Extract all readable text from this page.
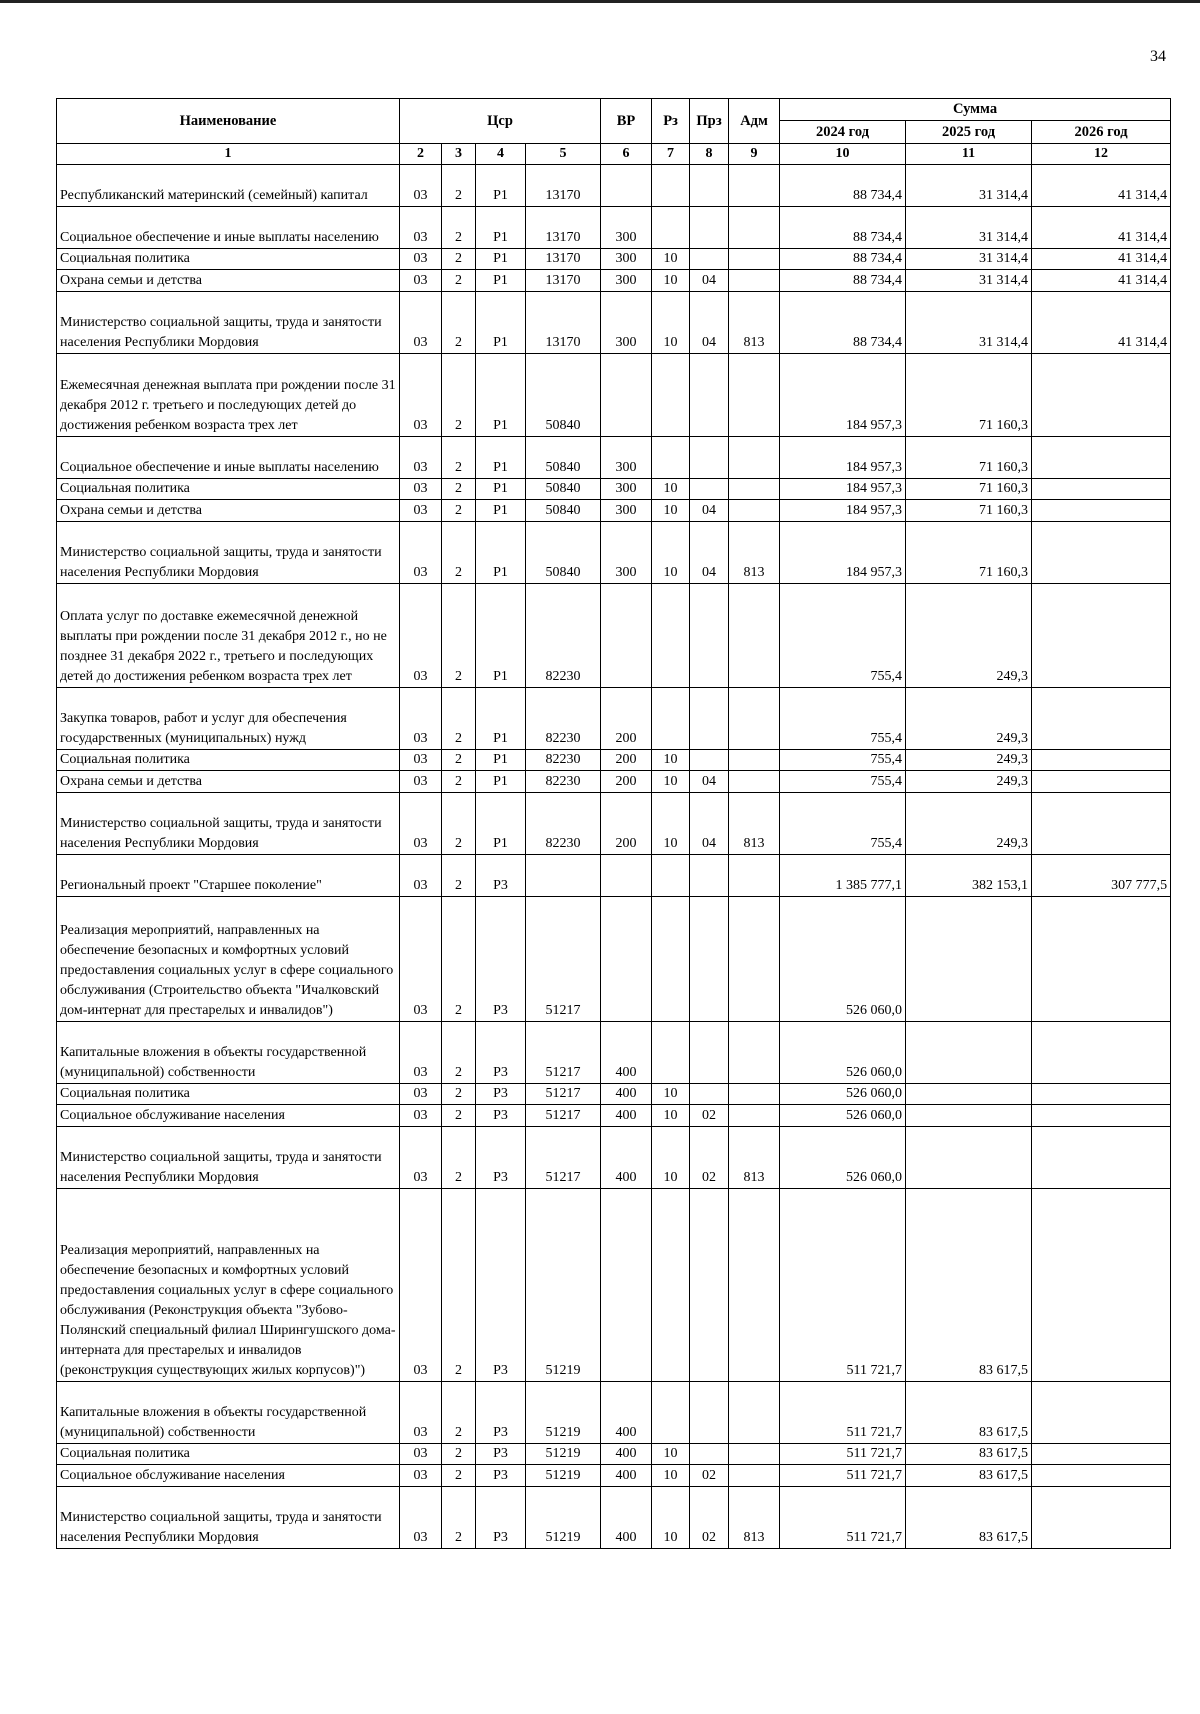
34
Наименование	Цср				ВР	Рз	Прз	Адм	Сумма		
									2024 год	2025 год	2026 год
1	2	3	4	5	6	7	8	9	10	11	12
Республиканский материнский (семейный) капитал	03	2	Р1	13170					88 734,4	31 314,4	41 314,4
Социальное обеспечение и иные выплаты населению	03	2	Р1	13170	300				88 734,4	31 314,4	41 314,4
Социальная политика	03	2	Р1	13170	300	10			88 734,4	31 314,4	41 314,4
Охрана семьи и детства	03	2	Р1	13170	300	10	04		88 734,4	31 314,4	41 314,4
Министерство социальной защиты, труда и занятости населения Республики Мордовия	03	2	Р1	13170	300	10	04	813	88 734,4	31 314,4	41 314,4
Ежемесячная денежная выплата при рождении после 31 декабря 2012 г. третьего и последующих детей до достижения ребенком возраста трех лет	03	2	Р1	50840					184 957,3	71 160,3	
Социальное обеспечение и иные выплаты населению	03	2	Р1	50840	300				184 957,3	71 160,3	
Социальная политика	03	2	Р1	50840	300	10			184 957,3	71 160,3	
Охрана семьи и детства	03	2	Р1	50840	300	10	04		184 957,3	71 160,3	
Министерство социальной защиты, труда и занятости населения Республики Мордовия	03	2	Р1	50840	300	10	04	813	184 957,3	71 160,3	
Оплата услуг по доставке ежемесячной денежной выплаты при рождении после 31 декабря 2012 г., но не позднее 31 декабря 2022 г., третьего и последующих детей до достижения ребенком возраста трех лет	03	2	Р1	82230					755,4	249,3	
Закупка товаров, работ и услуг для обеспечения государственных (муниципальных) нужд	03	2	Р1	82230	200				755,4	249,3	
Социальная политика	03	2	Р1	82230	200	10			755,4	249,3	
Охрана семьи и детства	03	2	Р1	82230	200	10	04		755,4	249,3	
Министерство социальной защиты, труда и занятости населения Республики Мордовия	03	2	Р1	82230	200	10	04	813	755,4	249,3	
Региональный проект "Старшее поколение"	03	2	Р3						1 385 777,1	382 153,1	307 777,5
Реализация мероприятий, направленных на обеспечение безопасных и комфортных условий предоставления социальных услуг в сфере социального обслуживания (Строительство объекта "Ичалковский дом-интернат для престарелых и инвалидов")	03	2	Р3	51217					526 060,0		
Капитальные вложения в объекты государственной (муниципальной) собственности	03	2	Р3	51217	400				526 060,0		
Социальная политика	03	2	Р3	51217	400	10			526 060,0		
Социальное обслуживание населения	03	2	Р3	51217	400	10	02		526 060,0		
Министерство социальной защиты, труда и занятости населения Республики Мордовия	03	2	Р3	51217	400	10	02	813	526 060,0		
Реализация мероприятий, направленных на обеспечение безопасных и комфортных условий предоставления социальных услуг в сфере социального обслуживания (Реконструкция объекта "Зубово-Полянский специальный филиал Ширингушского дома-интерната для престарелых и инвалидов (реконструкция существующих жилых корпусов)")	03	2	Р3	51219					511 721,7	83 617,5	
Капитальные вложения в объекты государственной (муниципальной) собственности	03	2	Р3	51219	400				511 721,7	83 617,5	
Социальная политика	03	2	Р3	51219	400	10			511 721,7	83 617,5	
Социальное обслуживание населения	03	2	Р3	51219	400	10	02		511 721,7	83 617,5	
Министерство социальной защиты, труда и занятости населения Республики Мордовия	03	2	Р3	51219	400	10	02	813	511 721,7	83 617,5	
